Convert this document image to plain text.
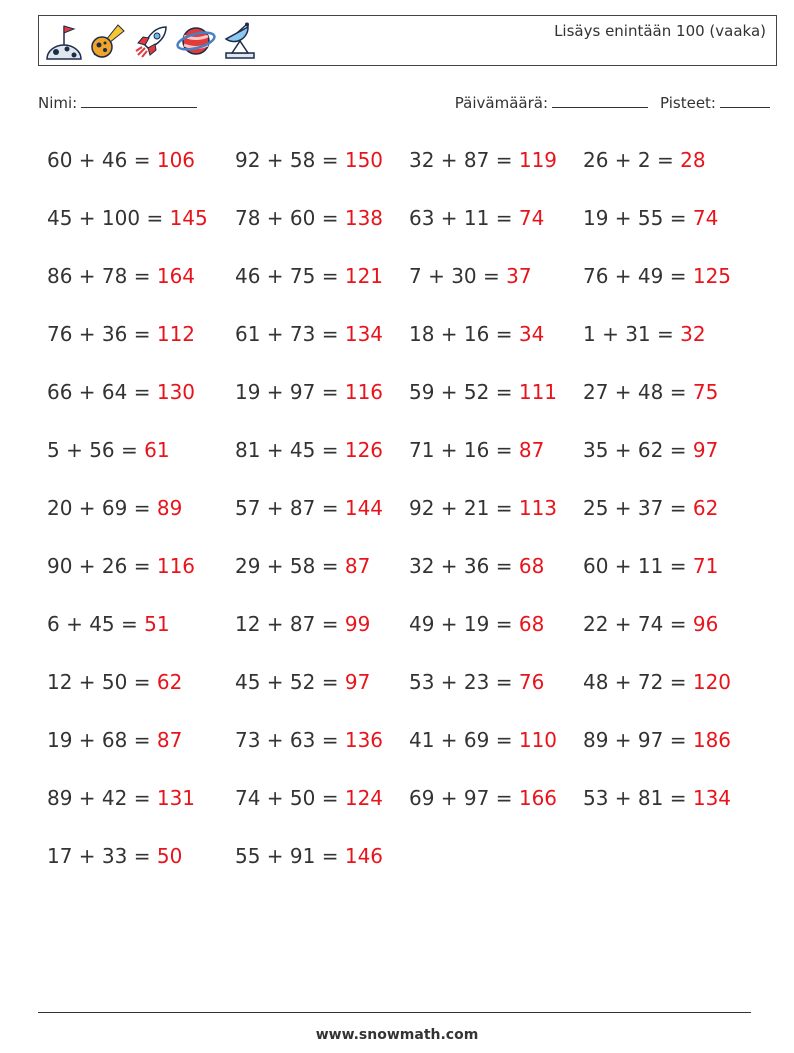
Lisäys enintään 100 (vaaka)
Nimi:	Päivämäärä:	Pisteet:
60 + 46 = 106	92 + 58 = 150	32 + 87 = 119	26 + 2 = 28
45 + 100 = 145	78 + 60 = 138	63 + 11 = 74	19 + 55 = 74
86 + 78 = 164	46 + 75 = 121	7 + 30 = 37	76 + 49 = 125
76 + 36 = 112	61 + 73 = 134	18 + 16 = 34	1 + 31 = 32
66 + 64 = 130	19 + 97 = 116	59 + 52 = 111	27 + 48 = 75
5 + 56 = 61	81 + 45 = 126	71 + 16 = 87	35 + 62 = 97
20 + 69 = 89	57 + 87 = 144	92 + 21 = 113	25 + 37 = 62
90 + 26 = 116	29 + 58 = 87	32 + 36 = 68	60 + 11 = 71
6 + 45 = 51	12 + 87 = 99	49 + 19 = 68	22 + 74 = 96
12 + 50 = 62	45 + 52 = 97	53 + 23 = 76	48 + 72 = 120
19 + 68 = 87	73 + 63 = 136	41 + 69 = 110	89 + 97 = 186
89 + 42 = 131	74 + 50 = 124	69 + 97 = 166	53 + 81 = 134
17 + 33 = 50	55 + 91 = 146
www.snowmath.com
